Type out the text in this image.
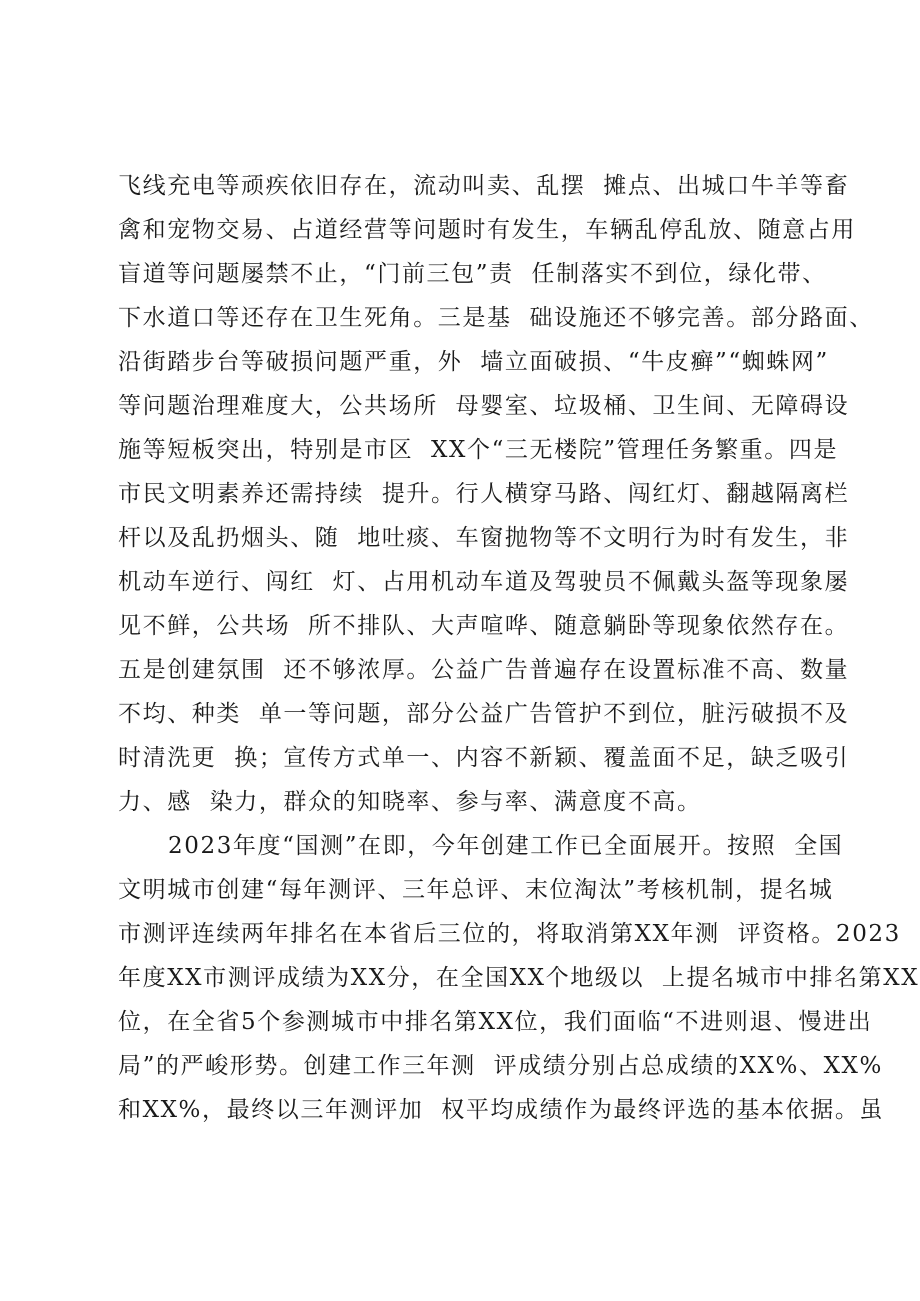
飞线充电等顽疾依旧存在，流动叫卖、乱摆  摊点、出城口牛羊等畜
禽和宠物交易、占道经营等问题时有发生，车辆乱停乱放、随意占用
盲道等问题屡禁不止，“门前三包”责  任制落实不到位，绿化带、
下水道口等还存在卫生死角。三是基  础设施还不够完善。部分路面、
沿街踏步台等破损问题严重，外  墙立面破损、“牛皮癣”“蜘蛛网”
等问题治理难度大，公共场所  母婴室、垃圾桶、卫生间、无障碍设
施等短板突出，特别是市区  XX个“三无楼院”管理任务繁重。四是
市民文明素养还需持续  提升。行人横穿马路、闯红灯、翻越隔离栏
杆以及乱扔烟头、随  地吐痰、车窗抛物等不文明行为时有发生，非
机动车逆行、闯红  灯、占用机动车道及驾驶员不佩戴头盔等现象屡
见不鲜，公共场  所不排队、大声喧哗、随意躺卧等现象依然存在。
五是创建氛围  还不够浓厚。公益广告普遍存在设置标准不高、数量
不均、种类  单一等问题，部分公益广告管护不到位，脏污破损不及
时清洗更  换；宣传方式单一、内容不新颖、覆盖面不足，缺乏吸引
力、感  染力，群众的知晓率、参与率、满意度不高。
2023年度“国测”在即，今年创建工作已全面展开。按照  全国
文明城市创建“每年测评、三年总评、末位淘汰”考核机制，提名城
市测评连续两年排名在本省后三位的，将取消第XX年测  评资格。2023
年度XX市测评成绩为XX分，在全国XX个地级以  上提名城市中排名第XX
位，在全省5个参测城市中排名第XX位，我们面临“不进则退、慢进出
局”的严峻形势。创建工作三年测  评成绩分别占总成绩的XX%、XX%
和XX%，最终以三年测评加  权平均成绩作为最终评选的基本依据。虽
